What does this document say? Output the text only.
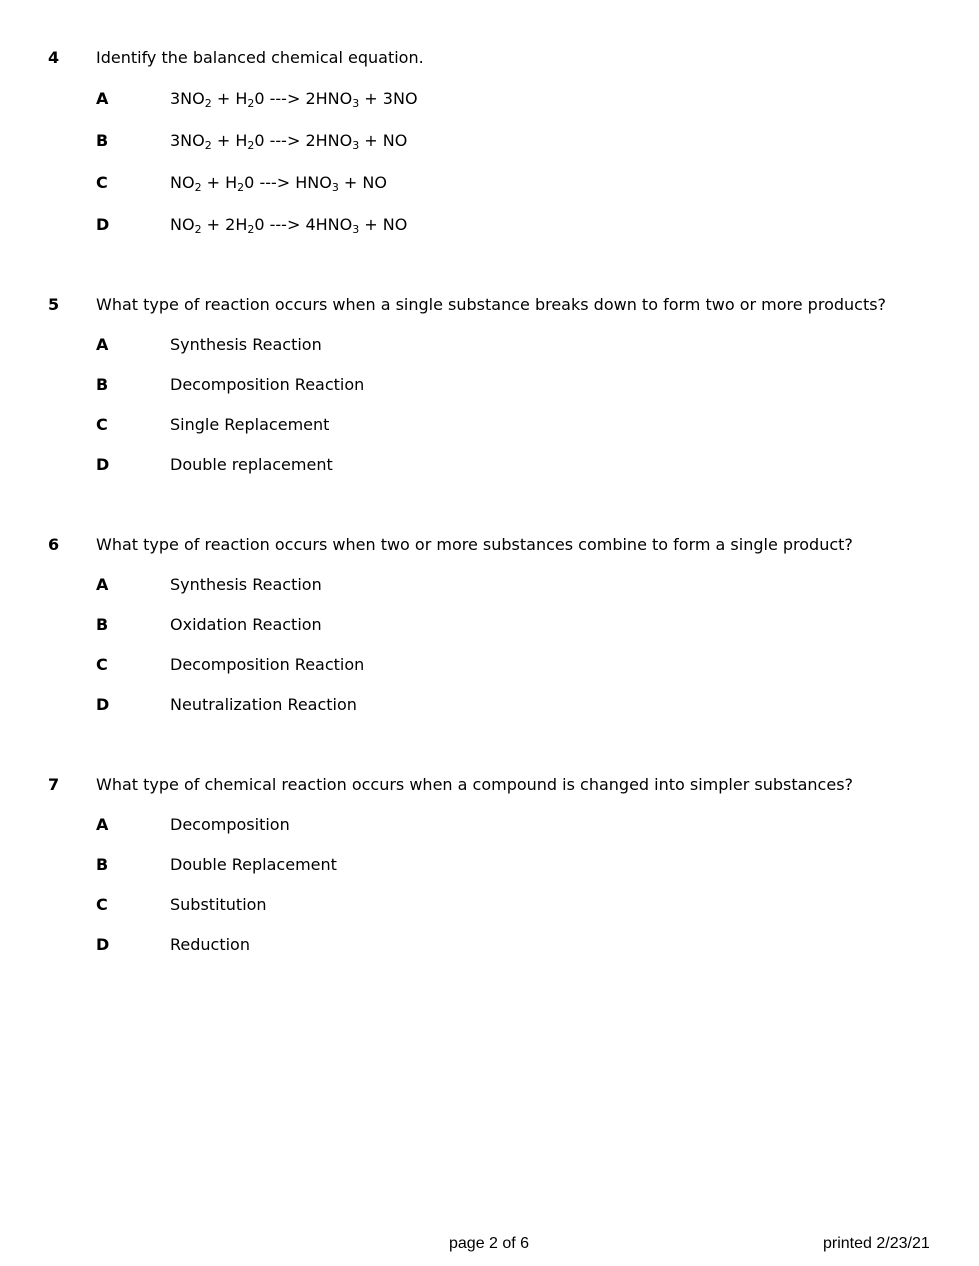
4 Identify the balanced chemical equation.
A	$3NO_2 + H_20$ ---> $2HNO_3 + 3NO$
B	$3NO_2 + H_20$ ---> $2HNO_3$ + NO
C	$NO_2 + H_20$ ---> $HNO_3$ + NO
D	$NO_2 + 2H_20$ ---> $4HNO_3$ + NO
5 What type of reaction occurs when a single substance breaks down to form two or more products?
A	Synthesis Reaction
B	Decomposition Reaction
C	Single Replacement
D	Double replacement
6 What type of reaction occurs when two or more substances combine to form a single product?
A	Synthesis Reaction
B	Oxidation Reaction
C	Decomposition Reaction
D	Neutralization Reaction
7 What type of chemical reaction occurs when a compound is changed into simpler substances?
A	Decomposition
B	Double Replacement
C	Substitution
D	Reduction
page 2 of 6	printed 2/23/21
